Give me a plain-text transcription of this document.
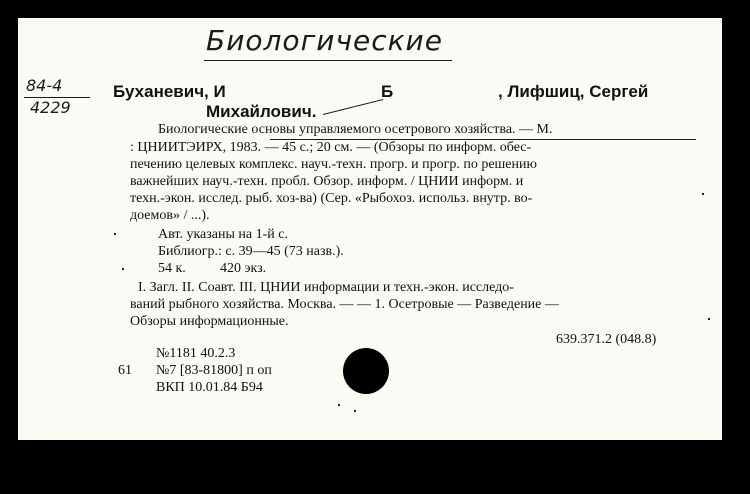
Биологические
84-4
4229
Буханевич, И	Б	, Лифшиц, Сергей
Михайлович.
Биологические основы управляемого осетрового хозяйства. — М.
: ЦНИИТЭИРХ, 1983. — 45 с.; 20 см. — (Обзоры по информ. обес-
печению целевых комплекс. науч.-техн. прогр. и прогр. по решению
важнейших науч.-техн. пробл. Обзор. информ. / ЦНИИ информ. и
техн.-экон. исслед. рыб. хоз-ва) (Сер. «Рыбохоз. использ. внутр. во-
доемов» / ...).
Авт. указаны на 1-й с.
Библиогр.: с. 39—45 (73 назв.).
54 к. 420 экз.
I. Загл. II. Соавт. III. ЦНИИ информации и техн.-экон. исследо-
ваний рыбного хозяйства. Москва. — — 1. Осетровые — Разведение —
Обзоры информационные.
639.371.2 (048.8)
№1181 40.2.3
61 №7 [83-81800] п оп
ВКП 10.01.84 Б94
